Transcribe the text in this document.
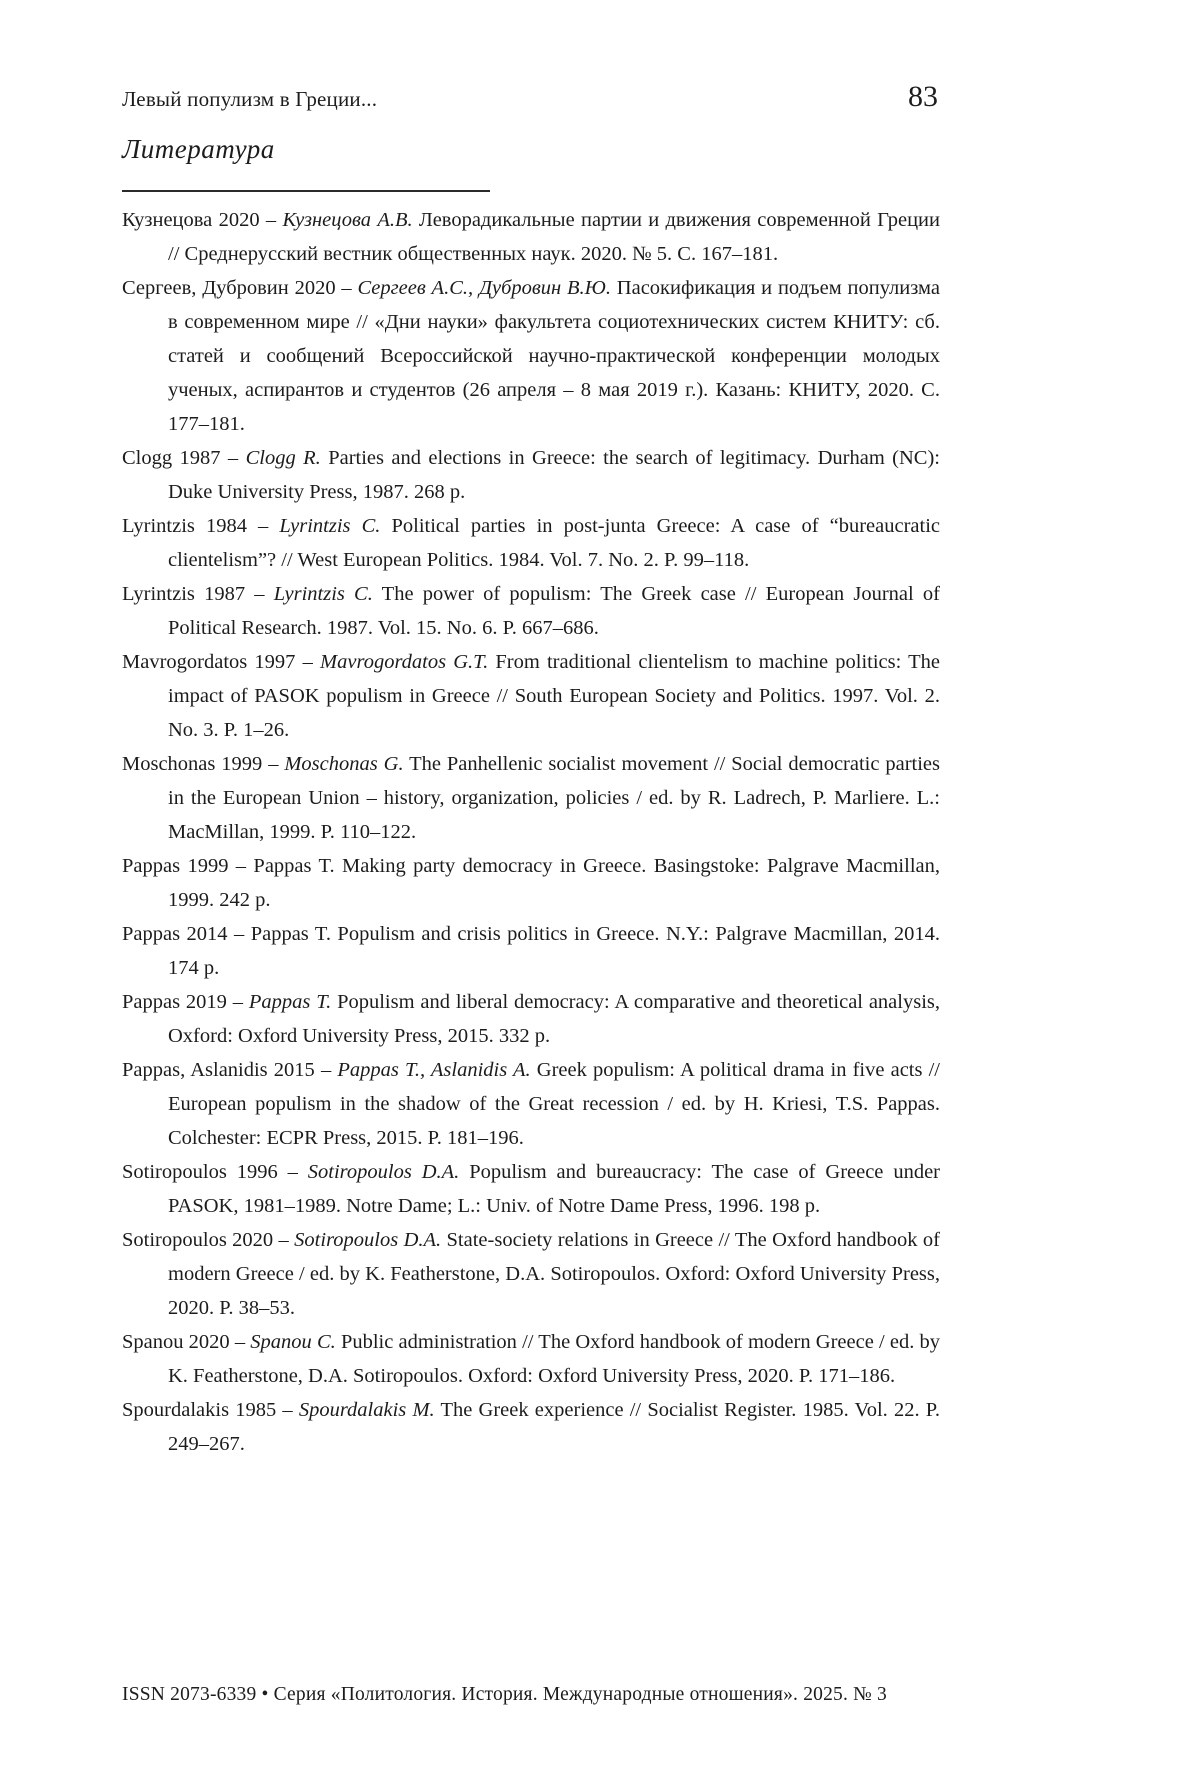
Левый популизм в Греции...	83
Литература

Кузнецова 2020 – Кузнецова А.В. Леворадикальные партии и движения современной Греции // Среднерусский вестник общественных наук. 2020. № 5. С. 167–181.

Сергеев, Дубровин 2020 – Сергеев А.С., Дубровин В.Ю. Пасокификация и подъем популизма в современном мире // «Дни науки» факультета социотехнических систем КНИТУ: сб. статей и сообщений Всероссийской научно-практической конференции молодых ученых, аспирантов и студентов (26 апреля – 8 мая 2019 г.). Казань: КНИТУ, 2020. С. 177–181.

Clogg 1987 – Clogg R. Parties and elections in Greece: the search of legitimacy. Durham (NC): Duke University Press, 1987. 268 p.

Lyrintzis 1984 – Lyrintzis C. Political parties in post-junta Greece: A case of “bureaucratic clientelism”? // West European Politics. 1984. Vol. 7. No. 2. P. 99–118.

Lyrintzis 1987 – Lyrintzis C. The power of populism: The Greek case // European Journal of Political Research. 1987. Vol. 15. No. 6. P. 667–686.

Mavrogordatos 1997 – Mavrogordatos G.T. From traditional clientelism to machine politics: The impact of PASOK populism in Greece // South European Society and Politics. 1997. Vol. 2. No. 3. P. 1–26.

Moschonas 1999 – Moschonas G. The Panhellenic socialist movement // Social democratic parties in the European Union – history, organization, policies / ed. by R. Ladrech, P. Marliere. L.: MacMillan, 1999. P. 110–122.

Pappas 1999 – Pappas T. Making party democracy in Greece. Basingstoke: Palgrave Macmillan, 1999. 242 p.

Pappas 2014 – Pappas T. Populism and crisis politics in Greece. N.Y.: Palgrave Macmillan, 2014. 174 p.

Pappas 2019 – Pappas T. Populism and liberal democracy: A comparative and theoretical analysis, Oxford: Oxford University Press, 2015. 332 p.

Pappas, Aslanidis 2015 – Pappas T., Aslanidis A. Greek populism: A political drama in five acts // European populism in the shadow of the Great recession / ed. by H. Kriesi, T.S. Pappas. Colchester: ECPR Press, 2015. P. 181–196.

Sotiropoulos 1996 – Sotiropoulos D.A. Populism and bureaucracy: The case of Greece under PASOK, 1981–1989. Notre Dame; L.: Univ. of Notre Dame Press, 1996. 198 p.

Sotiropoulos 2020 – Sotiropoulos D.A. State-society relations in Greece // The Oxford handbook of modern Greece / ed. by K. Featherstone, D.A. Sotiropoulos. Oxford: Oxford University Press, 2020. P. 38–53.

Spanou 2020 – Spanou C. Public administration // The Oxford handbook of modern Greece / ed. by K. Featherstone, D.A. Sotiropoulos. Oxford: Oxford University Press, 2020. P. 171–186.

Spourdalakis 1985 – Spourdalakis M. The Greek experience // Socialist Register. 1985. Vol. 22. P. 249–267.

ISSN 2073-6339 • Серия «Политология. История. Международные отношения». 2025. № 3
